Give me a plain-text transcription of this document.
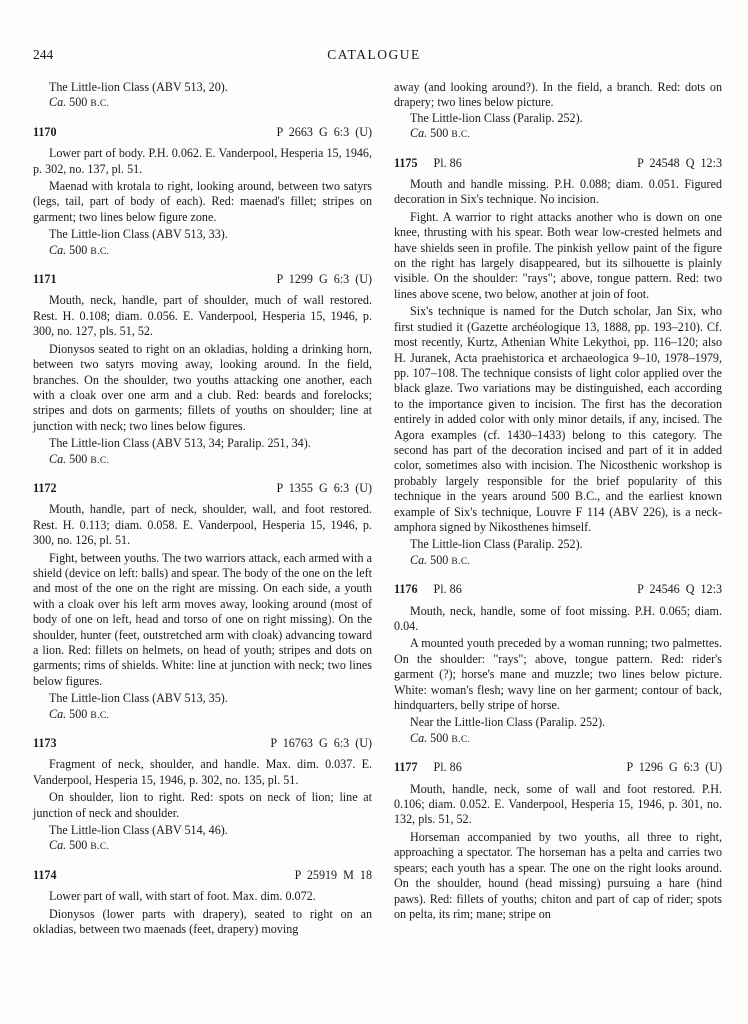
244	CATALOGUE

The Little-lion Class (ABV 513, 20).

Ca. 500 B.C.

1170	P 2663 G 6:3 (U)

Lower part of body. P.H. 0.062. E. Vanderpool, Hesperia 15, 1946, p. 302, no. 137, pl. 51.

Maenad with krotala to right, looking around, between two satyrs (legs, tail, part of body of each). Red: maenad's fillet; stripes on garment; two lines below figure zone.

The Little-lion Class (ABV 513, 33).

Ca. 500 B.C.

1171	P 1299 G 6:3 (U)

Mouth, neck, handle, part of shoulder, much of wall restored. Rest. H. 0.108; diam. 0.056. E. Vanderpool, Hesperia 15, 1946, p. 300, no. 127, pls. 51, 52.

Dionysos seated to right on an okladias, holding a drinking horn, between two satyrs moving away, looking around. In the field, branches. On the shoulder, two youths attacking one another, each with a cloak over one arm and a club. Red: beards and forelocks; stripes and dots on garments; fillets of youths on shoulder; line at junction with neck; two lines below figures.

The Little-lion Class (ABV 513, 34; Paralip. 251, 34).

Ca. 500 B.C.

1172	P 1355 G 6:3 (U)

Mouth, handle, part of neck, shoulder, wall, and foot restored. Rest. H. 0.113; diam. 0.058. E. Vanderpool, Hesperia 15, 1946, p. 300, no. 126, pl. 51.

Fight, between youths. The two warriors attack, each armed with a shield (device on left: balls) and spear. The body of the one on the left and most of the one on the right are missing. On each side, a youth with a cloak over his left arm moves away, looking around (most of body of one on left, head and torso of one on right missing). On the shoulder, hunter (feet, outstretched arm with cloak) advancing toward a lion. Red: fillets on helmets, on head of youth; stripes and dots on garments; rims of shields. White: line at junction with neck; two lines below figures.

The Little-lion Class (ABV 513, 35).

Ca. 500 B.C.

1173	P 16763 G 6:3 (U)

Fragment of neck, shoulder, and handle. Max. dim. 0.037. E. Vanderpool, Hesperia 15, 1946, p. 302, no. 135, pl. 51.

On shoulder, lion to right. Red: spots on neck of lion; line at junction of neck and shoulder.

The Little-lion Class (ABV 514, 46).

Ca. 500 B.C.

1174	P 25919 M 18

Lower part of wall, with start of foot. Max. dim. 0.072.

Dionysos (lower parts with drapery), seated to right on an okladias, between two maenads (feet, drapery) moving

away (and looking around?). In the field, a branch. Red: dots on drapery; two lines below picture.

The Little-lion Class (Paralip. 252).

Ca. 500 B.C.

1175 Pl. 86	P 24548 Q 12:3

Mouth and handle missing. P.H. 0.088; diam. 0.051. Figured decoration in Six's technique. No incision.

Fight. A warrior to right attacks another who is down on one knee, thrusting with his spear. Both wear low-crested helmets and have shields seen in profile. The pinkish yellow paint of the figure on the right has largely disappeared, but its silhouette is plainly visible. On the shoulder: "rays"; above, tongue pattern. Red: two lines above scene, two below, another at join of foot.

Six's technique is named for the Dutch scholar, Jan Six, who first studied it (Gazette archéologique 13, 1888, pp. 193–210). Cf. most recently, Kurtz, Athenian White Lekythoi, pp. 116–120; also H. Juranek, Acta praehistorica et archaeologica 9–10, 1978–1979, pp. 107–108. The technique consists of light color applied over the black glaze. Two variations may be distinguished, each according to the importance given to incision. The first has the decoration entirely in added color with only minor details, if any, incised. The Agora examples (cf. 1430–1433) belong to this category. The second has part of the decoration incised and part of it in added color, sometimes also with incision. The Nicosthenic workshop is probably largely responsible for the brief popularity of this technique in the years around 500 B.C., and the earliest known example of Six's technique, Louvre F 114 (ABV 226), is a neck-amphora signed by Nikosthenes himself.

The Little-lion Class (Paralip. 252).

Ca. 500 B.C.

1176 Pl. 86	P 24546 Q 12:3

Mouth, neck, handle, some of foot missing. P.H. 0.065; diam. 0.04.

A mounted youth preceded by a woman running; two palmettes. On the shoulder: "rays"; above, tongue pattern. Red: rider's garment (?); horse's mane and muzzle; two lines below picture. White: woman's flesh; wavy line on her garment; contour of back, hindquarters, belly stripe of horse.

Near the Little-lion Class (Paralip. 252).

Ca. 500 B.C.

1177 Pl. 86	P 1296 G 6:3 (U)

Mouth, handle, neck, some of wall and foot restored. P.H. 0.106; diam. 0.052. E. Vanderpool, Hesperia 15, 1946, p. 301, no. 132, pls. 51, 52.

Horseman accompanied by two youths, all three to right, approaching a spectator. The horseman has a pelta and carries two spears; each youth has a spear. The one on the right looks around. On the shoulder, hound (head missing) pursuing a hare (hind paws). Red: fillets of youths; chiton and part of cap of rider; spots on pelta, its rim; mane; stripe on
